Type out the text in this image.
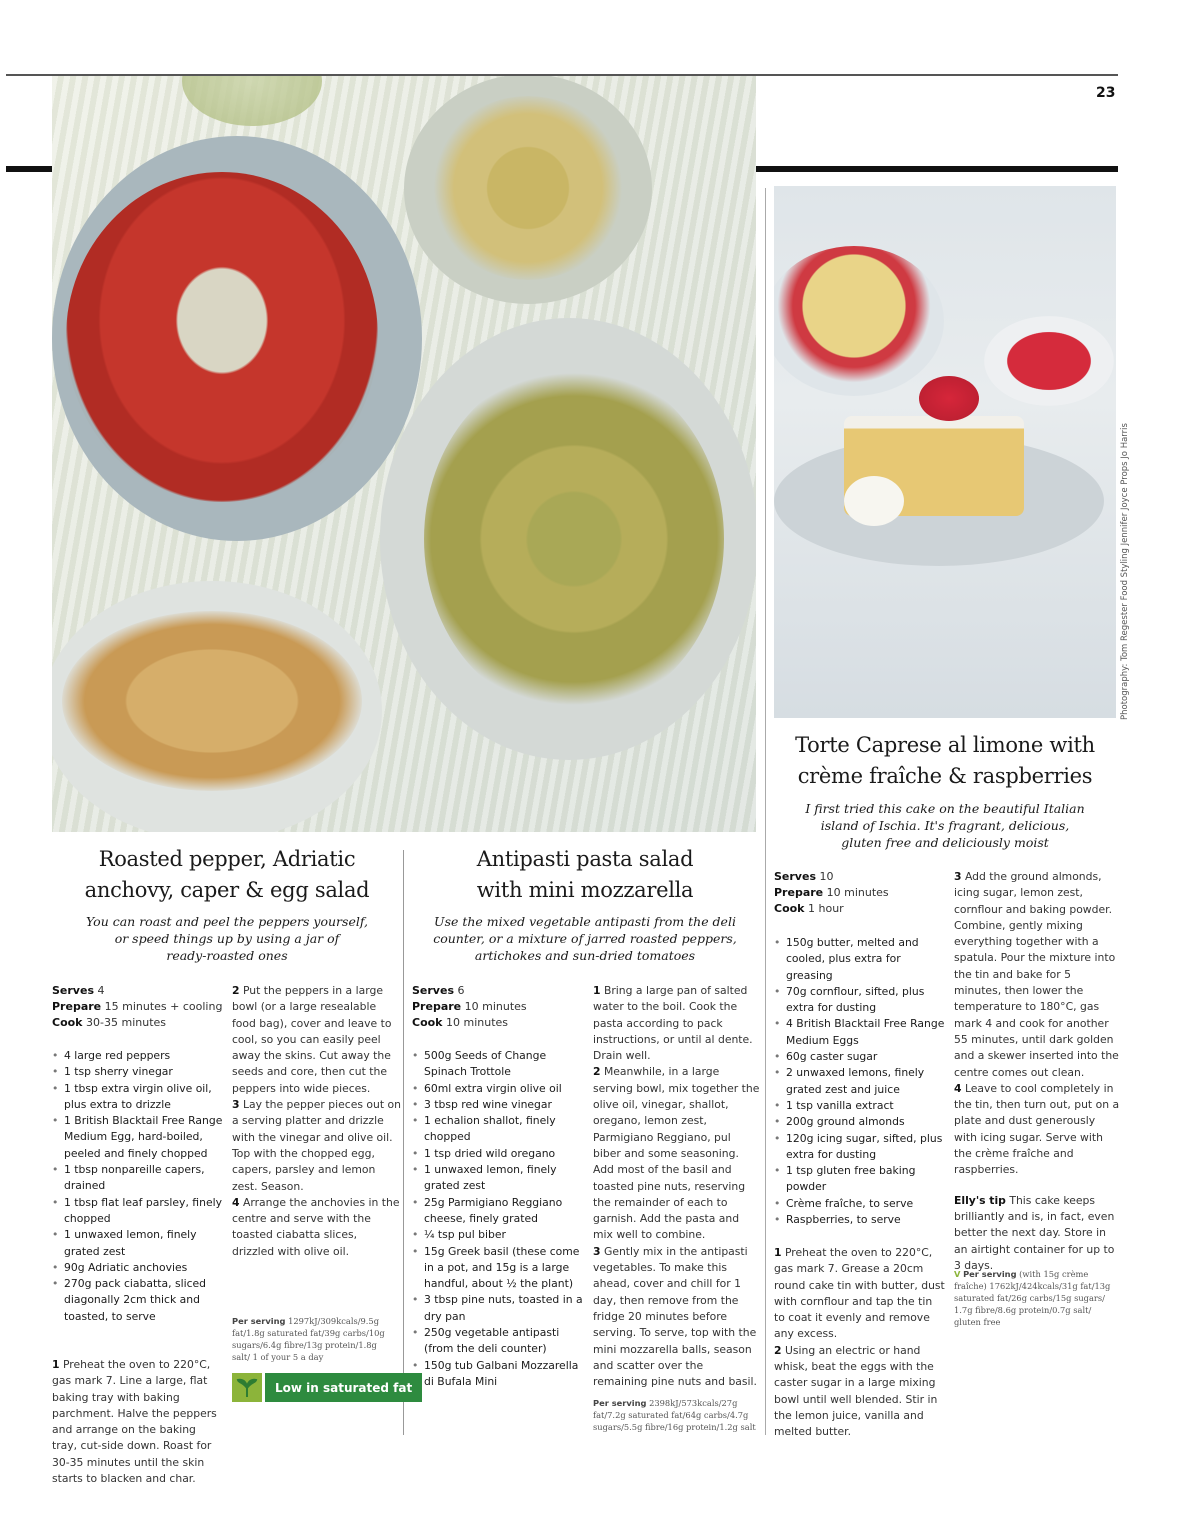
23
Photography: Tom Regester Food Styling Jennifer Joyce Props Jo Harris
Roasted pepper, Adriatic
anchovy, caper & egg salad
You can roast and peel the peppers yourself,
or speed things up by using a jar of
ready-roasted ones
Serves 4
Prepare 15 minutes + cooling
Cook 30-35 minutes
• 4 large red peppers
• 1 tsp sherry vinegar
• 1 tbsp extra virgin olive oil, plus extra to drizzle
• 1 British Blacktail Free Range Medium Egg, hard-boiled, peeled and finely chopped
• 1 tbsp nonpareille capers, drained
• 1 tbsp flat leaf parsley, finely chopped
• 1 unwaxed lemon, finely grated zest
• 90g Adriatic anchovies
• 270g pack ciabatta, sliced diagonally 2cm thick and toasted, to serve

1 Preheat the oven to 220°C, gas mark 7. Line a large, flat baking tray with baking parchment. Halve the peppers and arrange on the baking tray, cut-side down. Roast for 30-35 minutes until the skin starts to blacken and char.

2 Put the peppers in a large bowl (or a large resealable food bag), cover and leave to cool, so you can easily peel away the skins. Cut away the seeds and core, then cut the peppers into wide pieces.

3 Lay the pepper pieces out on a serving platter and drizzle with the vinegar and olive oil. Top with the chopped egg, capers, parsley and lemon zest. Season.

4 Arrange the anchovies in the centre and serve with the toasted ciabatta slices, drizzled with olive oil.

Per serving 1297kJ/309kcals/9.5g fat/1.8g saturated fat/39g carbs/10g sugars/6.4g fibre/13g protein/1.8g salt/ 1 of your 5 a day
Low in saturated fat
Antipasti pasta salad
with mini mozzarella
Use the mixed vegetable antipasti from the deli
counter, or a mixture of jarred roasted peppers,
artichokes and sun-dried tomatoes
Serves 6
Prepare 10 minutes
Cook 10 minutes
• 500g Seeds of Change Spinach Trottole
• 60ml extra virgin olive oil
• 3 tbsp red wine vinegar
• 1 echalion shallot, finely chopped
• 1 tsp dried wild oregano
• 1 unwaxed lemon, finely grated zest
• 25g Parmigiano Reggiano cheese, finely grated
• ¼ tsp pul biber
• 15g Greek basil (these come in a pot, and 15g is a large handful, about ½ the plant)
• 3 tbsp pine nuts, toasted in a dry pan
• 250g vegetable antipasti (from the deli counter)
• 150g tub Galbani Mozzarella di Bufala Mini

1 Bring a large pan of salted water to the boil. Cook the pasta according to pack instructions, or until al dente. Drain well.

2 Meanwhile, in a large serving bowl, mix together the olive oil, vinegar, shallot, oregano, lemon zest, Parmigiano Reggiano, pul biber and some seasoning. Add most of the basil and toasted pine nuts, reserving the remainder of each to garnish. Add the pasta and mix well to combine.

3 Gently mix in the antipasti vegetables. To make this ahead, cover and chill for 1 day, then remove from the fridge 20 minutes before serving. To serve, top with the mini mozzarella balls, season and scatter over the remaining pine nuts and basil.

Per serving 2398kJ/573kcals/27g fat/7.2g saturated fat/64g carbs/4.7g sugars/5.5g fibre/16g protein/1.2g salt
Torte Caprese al limone with
crème fraîche & raspberries
I first tried this cake on the beautiful Italian
island of Ischia. It's fragrant, delicious,
gluten free and deliciously moist
Serves 10
Prepare 10 minutes
Cook 1 hour
• 150g butter, melted and cooled, plus extra for greasing
• 70g cornflour, sifted, plus extra for dusting
• 4 British Blacktail Free Range Medium Eggs
• 60g caster sugar
• 2 unwaxed lemons, finely grated zest and juice
• 1 tsp vanilla extract
• 200g ground almonds
• 120g icing sugar, sifted, plus extra for dusting
• 1 tsp gluten free baking powder
• Crème fraîche, to serve
• Raspberries, to serve

1 Preheat the oven to 220°C, gas mark 7. Grease a 20cm round cake tin with butter, dust with cornflour and tap the tin to coat it evenly and remove any excess.

2 Using an electric or hand whisk, beat the eggs with the caster sugar in a large mixing bowl until well blended. Stir in the lemon juice, vanilla and melted butter.

3 Add the ground almonds, icing sugar, lemon zest, cornflour and baking powder. Combine, gently mixing everything together with a spatula. Pour the mixture into the tin and bake for 5 minutes, then lower the temperature to 180°C, gas mark 4 and cook for another 55 minutes, until dark golden and a skewer inserted into the centre comes out clean.

4 Leave to cool completely in the tin, then turn out, put on a plate and dust generously with icing sugar. Serve with the crème fraîche and raspberries.

Elly's tip This cake keeps brilliantly and is, in fact, even better the next day. Store in an airtight container for up to 3 days.

V Per serving (with 15g crème fraîche) 1762kJ/424kcals/31g fat/13g saturated fat/26g carbs/15g sugars/ 1.7g fibre/8.6g protein/0.7g salt/ gluten free
